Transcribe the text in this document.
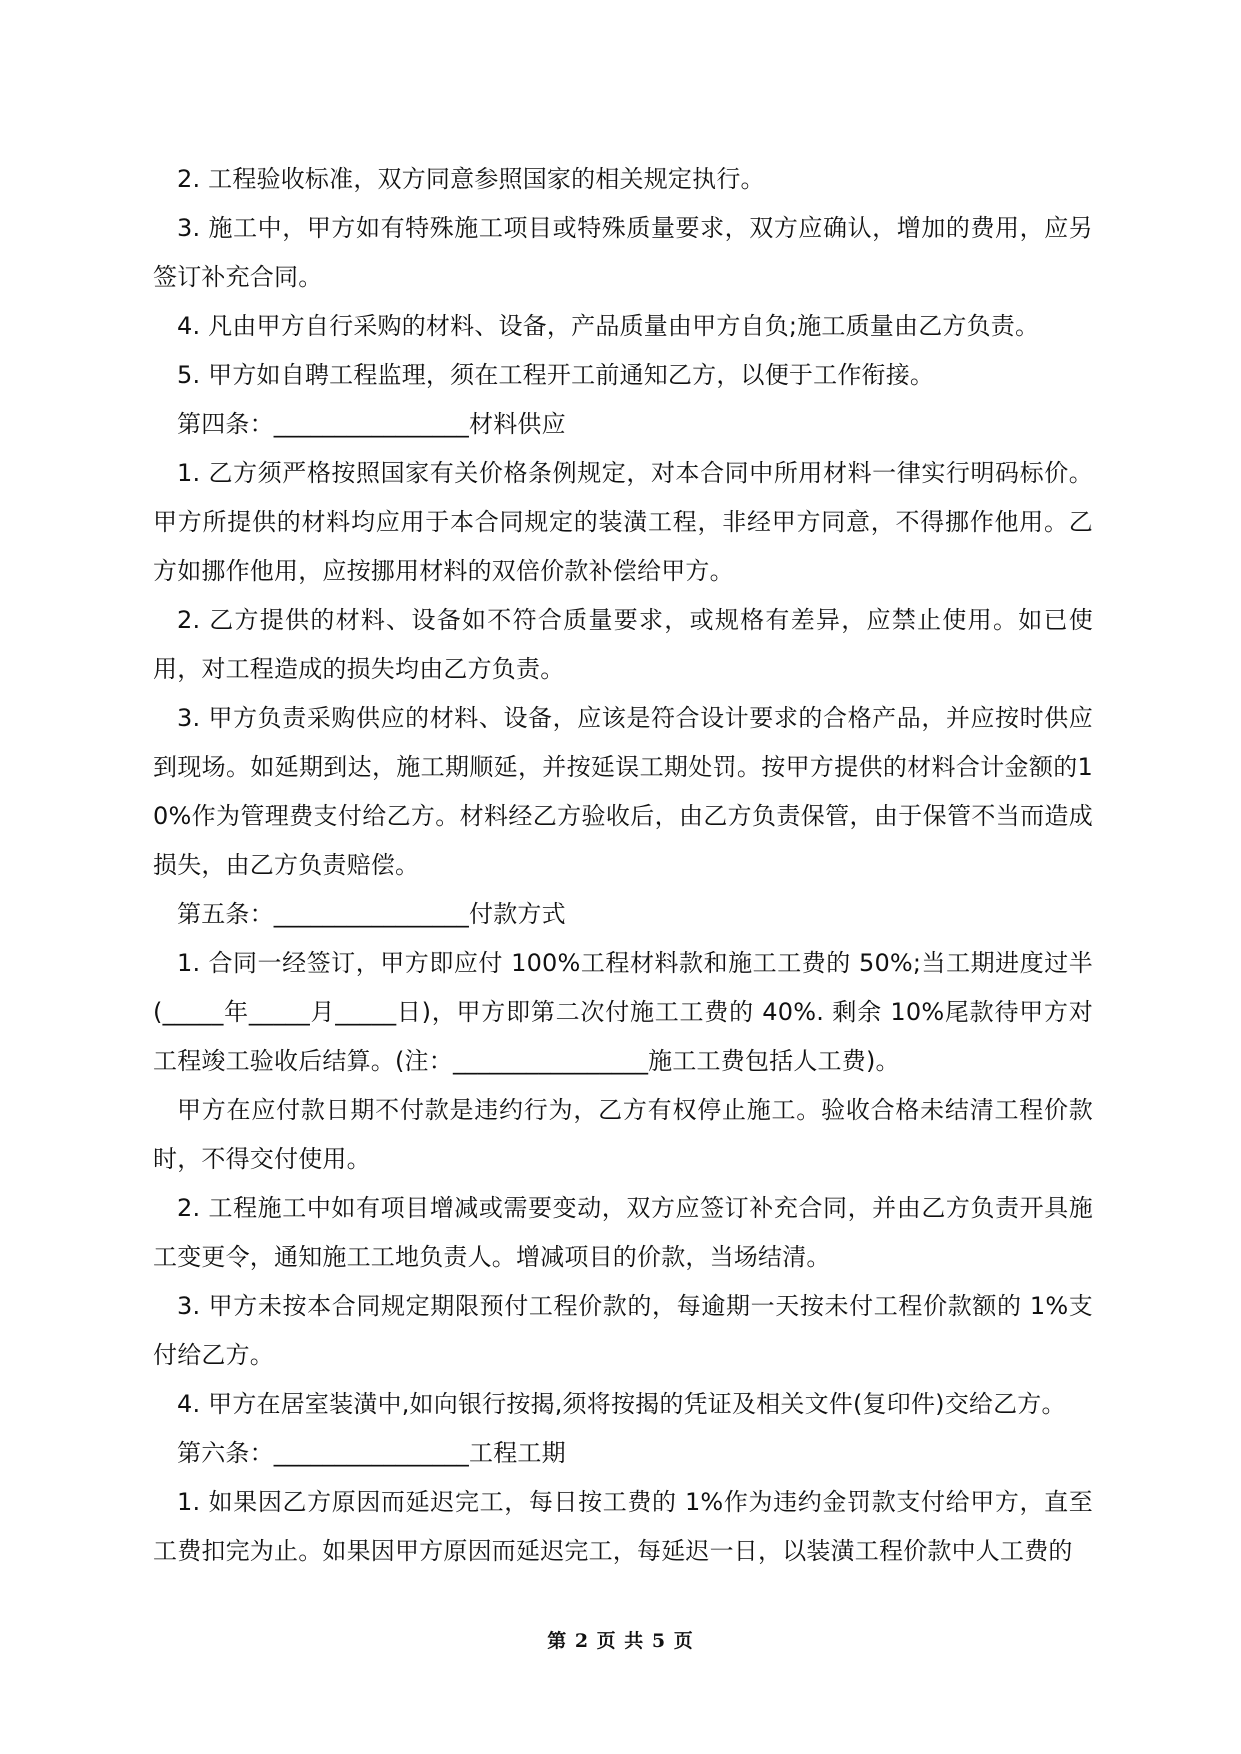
2. 工程验收标准，双方同意参照国家的相关规定执行。

3. 施工中，甲方如有特殊施工项目或特殊质量要求，双方应确认，增加的费用，应另签订补充合同。

4. 凡由甲方自行采购的材料、设备，产品质量由甲方自负;施工质量由乙方负责。

5. 甲方如自聘工程监理，须在工程开工前通知乙方，以便于工作衔接。

第四条：________________材料供应

1. 乙方须严格按照国家有关价格条例规定，对本合同中所用材料一律实行明码标价。甲方所提供的材料均应用于本合同规定的装潢工程，非经甲方同意，不得挪作他用。乙方如挪作他用，应按挪用材料的双倍价款补偿给甲方。

2. 乙方提供的材料、设备如不符合质量要求，或规格有差异，应禁止使用。如已使用，对工程造成的损失均由乙方负责。

3. 甲方负责采购供应的材料、设备，应该是符合设计要求的合格产品，并应按时供应到现场。如延期到达，施工期顺延，并按延误工期处罚。按甲方提供的材料合计金额的10%作为管理费支付给乙方。材料经乙方验收后，由乙方负责保管，由于保管不当而造成损失，由乙方负责赔偿。

第五条：________________付款方式

1. 合同一经签订，甲方即应付 100%工程材料款和施工工费的 50%;当工期进度过半(_____年_____月_____日)，甲方即第二次付施工工费的 40%. 剩余 10%尾款待甲方对工程竣工验收后结算。(注：________________施工工费包括人工费)。

甲方在应付款日期不付款是违约行为，乙方有权停止施工。验收合格未结清工程价款时，不得交付使用。

2. 工程施工中如有项目增减或需要变动，双方应签订补充合同，并由乙方负责开具施工变更令，通知施工工地负责人。增减项目的价款，当场结清。

3. 甲方未按本合同规定期限预付工程价款的，每逾期一天按未付工程价款额的 1%支付给乙方。

4. 甲方在居室装潢中,如向银行按揭,须将按揭的凭证及相关文件(复印件)交给乙方。

第六条：________________工程工期

1. 如果因乙方原因而延迟完工，每日按工费的 1%作为违约金罚款支付给甲方，直至工费扣完为止。如果因甲方原因而延迟完工，每延迟一日，以装潢工程价款中人工费的

第 2 页 共 5 页
